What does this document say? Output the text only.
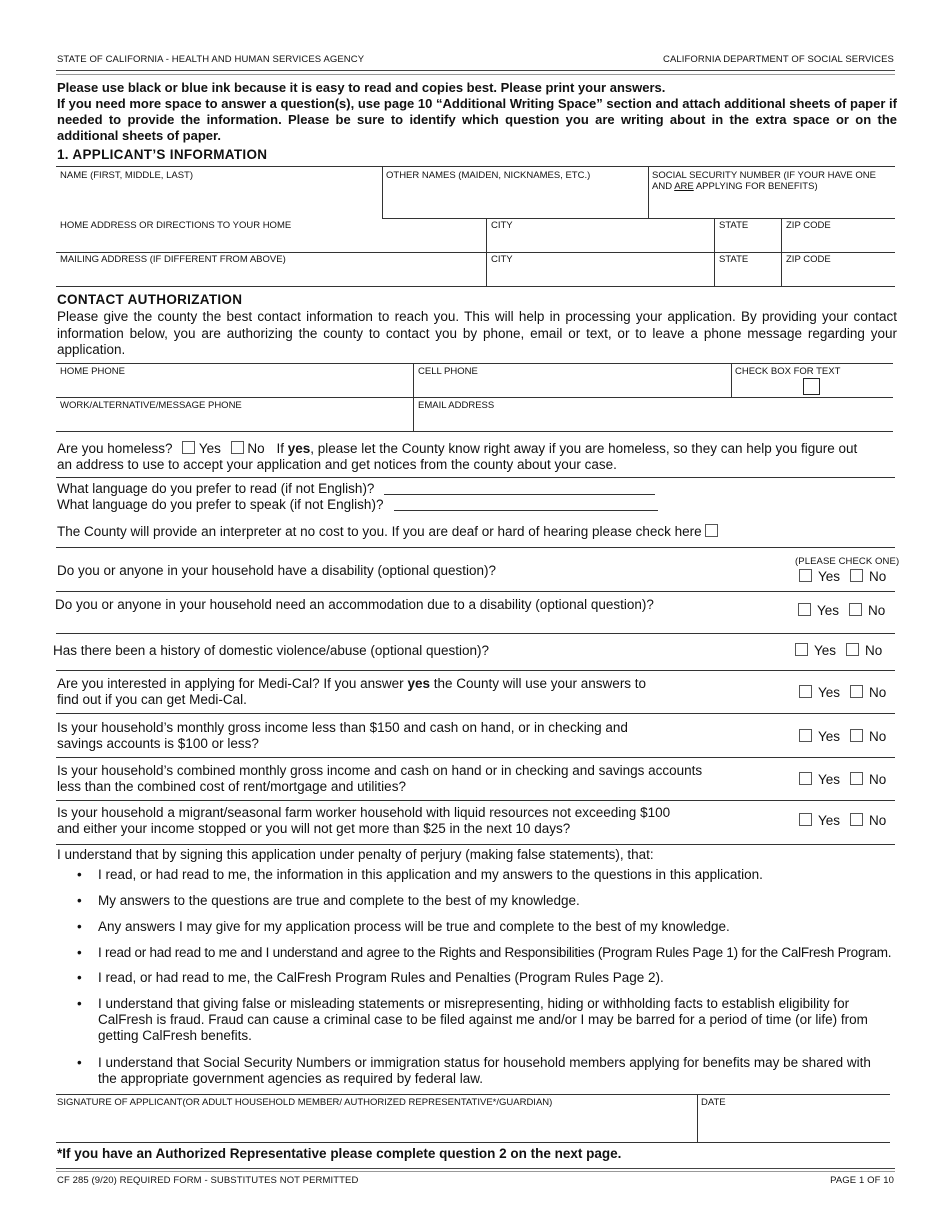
STATE OF CALIFORNIA - HEALTH AND HUMAN SERVICES AGENCY	CALIFORNIA DEPARTMENT OF SOCIAL SERVICES
Please use black or blue ink because it is easy to read and copies best. Please print your answers.
If you need more space to answer a question(s), use page 10 “Additional Writing Space” section and attach additional sheets of paper if needed to provide the information. Please be sure to identify which question you are writing about in the extra space or on the additional sheets of paper.
1. APPLICANT’S INFORMATION
NAME (FIRST, MIDDLE, LAST)	OTHER NAMES (MAIDEN, NICKNAMES, ETC.)	SOCIAL SECURITY NUMBER (IF YOUR HAVE ONE
AND ARE APPLYING FOR BENEFITS)
HOME ADDRESS OR DIRECTIONS TO YOUR HOME	CITY	STATE	ZIP CODE
MAILING ADDRESS (IF DIFFERENT FROM ABOVE)	CITY	STATE	ZIP CODE
CONTACT AUTHORIZATION
Please give the county the best contact information to reach you. This will help in processing your application. By providing your contact information below, you are authorizing the county to contact you by phone, email or text, or to leave a phone message regarding your application.
HOME PHONE	CELL PHONE	CHECK BOX FOR TEXT
WORK/ALTERNATIVE/MESSAGE PHONE	EMAIL ADDRESS
Are you homeless? Yes No If yes, please let the County know right away if you are homeless, so they can help you figure out
an address to use to accept your application and get notices from the county about your case.
What language do you prefer to read (if not English)?
What language do you prefer to speak (if not English)?
The County will provide an interpreter at no cost to you. If you are deaf or hard of hearing please check here
(PLEASE CHECK ONE)
Do you or anyone in your household have a disability (optional question)?	Yes No
Do you or anyone in your household need an accommodation due to a disability (optional question)?	Yes No
Has there been a history of domestic violence/abuse (optional question)?	Yes No
Are you interested in applying for Medi-Cal? If you answer yes the County will use your answers to
find out if you can get Medi-Cal.	Yes No
Is your household’s monthly gross income less than $150 and cash on hand, or in checking and
savings accounts is $100 or less?	Yes No
Is your household’s combined monthly gross income and cash on hand or in checking and savings accounts
less than the combined cost of rent/mortgage and utilities?	Yes No
Is your household a migrant/seasonal farm worker household with liquid resources not exceeding $100
and either your income stopped or you will not get more than $25 in the next 10 days?
Yes No
I understand that by signing this application under penalty of perjury (making false statements), that:
• I read, or had read to me, the information in this application and my answers to the questions in this application.
• My answers to the questions are true and complete to the best of my knowledge.
• Any answers I may give for my application process will be true and complete to the best of my knowledge.
• I read or had read to me and I understand and agree to the Rights and Responsibilities (Program Rules Page 1) for the CalFresh Program.
• I read, or had read to me, the CalFresh Program Rules and Penalties (Program Rules Page 2).
• I understand that giving false or misleading statements or misrepresenting, hiding or withholding facts to establish eligibility for
CalFresh is fraud. Fraud can cause a criminal case to be filed against me and/or I may be barred for a period of time (or life) from
getting CalFresh benefits.
• I understand that Social Security Numbers or immigration status for household members applying for benefits may be shared with
the appropriate government agencies as required by federal law.
SIGNATURE OF APPLICANT(OR ADULT HOUSEHOLD MEMBER/ AUTHORIZED REPRESENTATIVE*/GUARDIAN)	DATE
*If you have an Authorized Representative please complete question 2 on the next page.
CF 285 (9/20) REQUIRED FORM - SUBSTITUTES NOT PERMITTED	PAGE 1 OF 10
